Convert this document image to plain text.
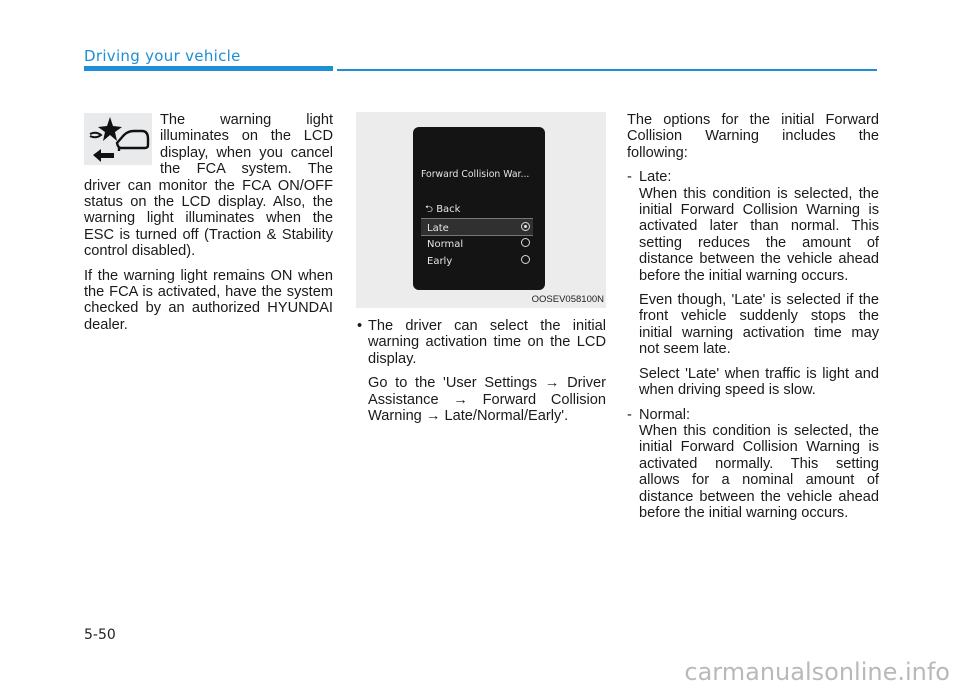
Driving your vehicle

The warning light illuminates on the LCD display, when you cancel the FCA system. The driver can monitor the FCA ON/OFF status on the LCD display. Also, the warning light illuminates when the ESC is turned off (Traction & Stability control disabled).

If the warning light remains ON when the FCA is activated, have the system checked by an authorized HYUNDAI dealer.

Forward Collision War...
⮌ Back
Late
Normal
Early
OOSEV058100N
• The driver can select the initial warning activation time on the LCD display.
Go to the 'User Settings → Driver Assistance → Forward Collision Warning → Late/Normal/Early'.

The options for the initial Forward Collision Warning includes the following:

- Late:

When this condition is selected, the initial Forward Collision Warning is activated later than normal. This setting reduces the amount of distance between the vehicle ahead before the initial warning occurs.

Even though, 'Late' is selected if the front vehicle suddenly stops the initial warning activation time may not seem late.

Select 'Late' when traffic is light and when driving speed is slow.

- Normal:

When this condition is selected, the initial Forward Collision Warning is activated normally. This setting allows for a nominal amount of distance between the vehicle ahead before the initial warning occurs.

5-50
carmanualsonline.info
